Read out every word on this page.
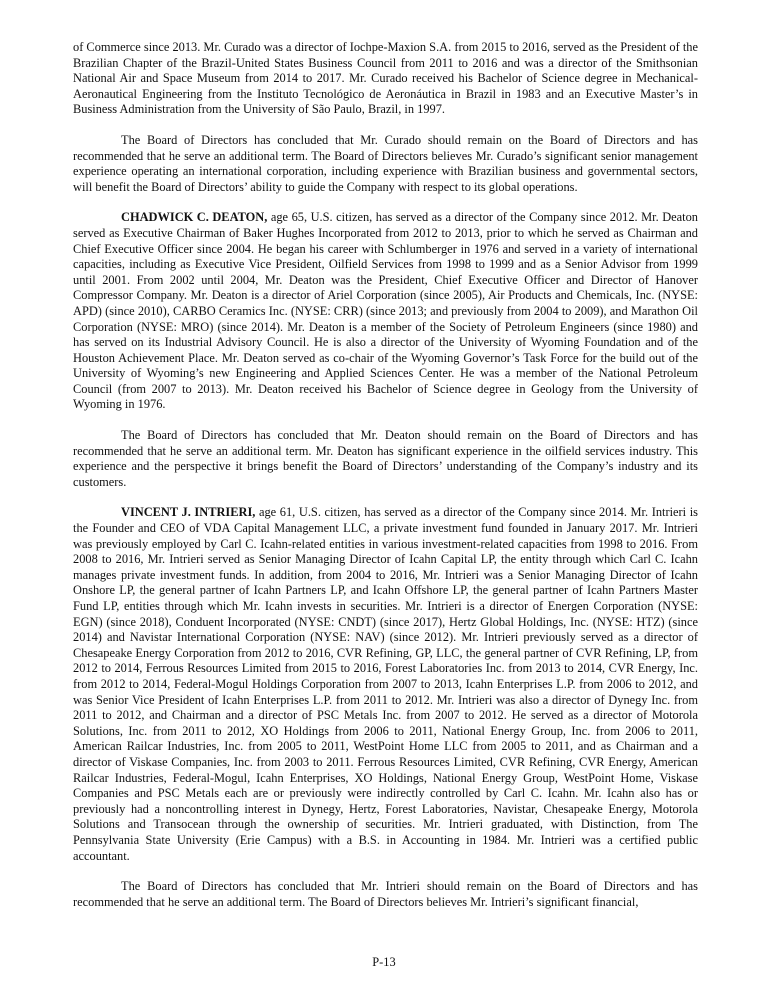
of Commerce since 2013. Mr. Curado was a director of Iochpe-Maxion S.A. from 2015 to 2016, served as the President of the Brazilian Chapter of the Brazil-United States Business Council from 2011 to 2016 and was a director of the Smithsonian National Air and Space Museum from 2014 to 2017. Mr. Curado received his Bachelor of Science degree in Mechanical-Aeronautical Engineering from the Instituto Tecnológico de Aeronáutica in Brazil in 1983 and an Executive Master’s in Business Administration from the University of São Paulo, Brazil, in 1997.

The Board of Directors has concluded that Mr. Curado should remain on the Board of Directors and has recommended that he serve an additional term. The Board of Directors believes Mr. Curado’s significant senior management experience operating an international corporation, including experience with Brazilian business and governmental sectors, will benefit the Board of Directors’ ability to guide the Company with respect to its global operations.

CHADWICK C. DEATON, age 65, U.S. citizen, has served as a director of the Company since 2012. Mr. Deaton served as Executive Chairman of Baker Hughes Incorporated from 2012 to 2013, prior to which he served as Chairman and Chief Executive Officer since 2004. He began his career with Schlumberger in 1976 and served in a variety of international capacities, including as Executive Vice President, Oilfield Services from 1998 to 1999 and as a Senior Advisor from 1999 until 2001. From 2002 until 2004, Mr. Deaton was the President, Chief Executive Officer and Director of Hanover Compressor Company. Mr. Deaton is a director of Ariel Corporation (since 2005), Air Products and Chemicals, Inc. (NYSE: APD) (since 2010), CARBO Ceramics Inc. (NYSE: CRR) (since 2013; and previously from 2004 to 2009), and Marathon Oil Corporation (NYSE: MRO) (since 2014). Mr. Deaton is a member of the Society of Petroleum Engineers (since 1980) and has served on its Industrial Advisory Council. He is also a director of the University of Wyoming Foundation and of the Houston Achievement Place. Mr. Deaton served as co-chair of the Wyoming Governor’s Task Force for the build out of the University of Wyoming’s new Engineering and Applied Sciences Center. He was a member of the National Petroleum Council (from 2007 to 2013). Mr. Deaton received his Bachelor of Science degree in Geology from the University of Wyoming in 1976.

The Board of Directors has concluded that Mr. Deaton should remain on the Board of Directors and has recommended that he serve an additional term. Mr. Deaton has significant experience in the oilfield services industry. This experience and the perspective it brings benefit the Board of Directors’ understanding of the Company’s industry and its customers.

VINCENT J. INTRIERI, age 61, U.S. citizen, has served as a director of the Company since 2014. Mr. Intrieri is the Founder and CEO of VDA Capital Management LLC, a private investment fund founded in January 2017. Mr. Intrieri was previously employed by Carl C. Icahn-related entities in various investment-related capacities from 1998 to 2016. From 2008 to 2016, Mr. Intrieri served as Senior Managing Director of Icahn Capital LP, the entity through which Carl C. Icahn manages private investment funds. In addition, from 2004 to 2016, Mr. Intrieri was a Senior Managing Director of Icahn Onshore LP, the general partner of Icahn Partners LP, and Icahn Offshore LP, the general partner of Icahn Partners Master Fund LP, entities through which Mr. Icahn invests in securities. Mr. Intrieri is a director of Energen Corporation (NYSE: EGN) (since 2018), Conduent Incorporated (NYSE: CNDT) (since 2017), Hertz Global Holdings, Inc. (NYSE: HTZ) (since 2014) and Navistar International Corporation (NYSE: NAV) (since 2012). Mr. Intrieri previously served as a director of Chesapeake Energy Corporation from 2012 to 2016, CVR Refining, GP, LLC, the general partner of CVR Refining, LP, from 2012 to 2014, Ferrous Resources Limited from 2015 to 2016, Forest Laboratories Inc. from 2013 to 2014, CVR Energy, Inc. from 2012 to 2014, Federal-Mogul Holdings Corporation from 2007 to 2013, Icahn Enterprises L.P. from 2006 to 2012, and was Senior Vice President of Icahn Enterprises L.P. from 2011 to 2012. Mr. Intrieri was also a director of Dynegy Inc. from 2011 to 2012, and Chairman and a director of PSC Metals Inc. from 2007 to 2012. He served as a director of Motorola Solutions, Inc. from 2011 to 2012, XO Holdings from 2006 to 2011, National Energy Group, Inc. from 2006 to 2011, American Railcar Industries, Inc. from 2005 to 2011, WestPoint Home LLC from 2005 to 2011, and as Chairman and a director of Viskase Companies, Inc. from 2003 to 2011. Ferrous Resources Limited, CVR Refining, CVR Energy, American Railcar Industries, Federal-Mogul, Icahn Enterprises, XO Holdings, National Energy Group, WestPoint Home, Viskase Companies and PSC Metals each are or previously were indirectly controlled by Carl C. Icahn. Mr. Icahn also has or previously had a noncontrolling interest in Dynegy, Hertz, Forest Laboratories, Navistar, Chesapeake Energy, Motorola Solutions and Transocean through the ownership of securities. Mr. Intrieri graduated, with Distinction, from The Pennsylvania State University (Erie Campus) with a B.S. in Accounting in 1984. Mr. Intrieri was a certified public accountant.

The Board of Directors has concluded that Mr. Intrieri should remain on the Board of Directors and has recommended that he serve an additional term. The Board of Directors believes Mr. Intrieri’s significant financial,

P-13
